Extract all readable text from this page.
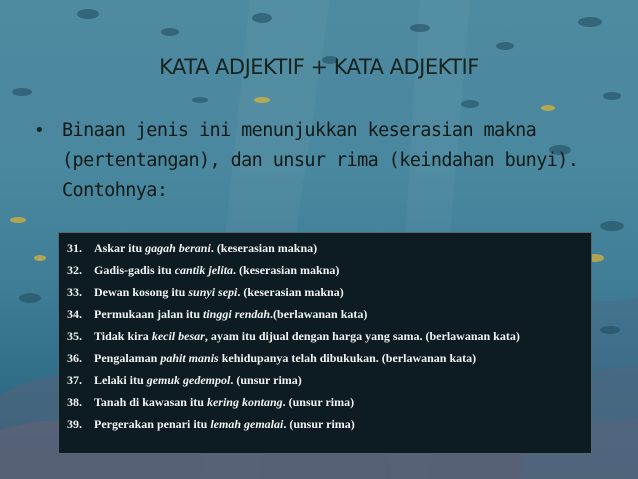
KATA ADJEKTIF + KATA ADJEKTIF
• Binaan jenis ini menunjukkan keserasian makna (pertentangan), dan unsur rima (keindahan bunyi). Contohnya:
31. Askar itu gagah berani. (keserasian makna)
32. Gadis-gadis itu cantik jelita. (keserasian makna)
33. Dewan kosong itu sunyi sepi. (keserasian makna)
34. Permukaan jalan itu tinggi rendah.(berlawanan kata)
35. Tidak kira kecil besar, ayam itu dijual dengan harga yang sama. (berlawanan kata)
36. Pengalaman pahit manis kehidupanya telah dibukukan. (berlawanan kata)
37. Lelaki itu gemuk gedempol. (unsur rima)
38. Tanah di kawasan itu kering kontang. (unsur rima)
39. Pergerakan penari itu lemah gemalai. (unsur rima)
